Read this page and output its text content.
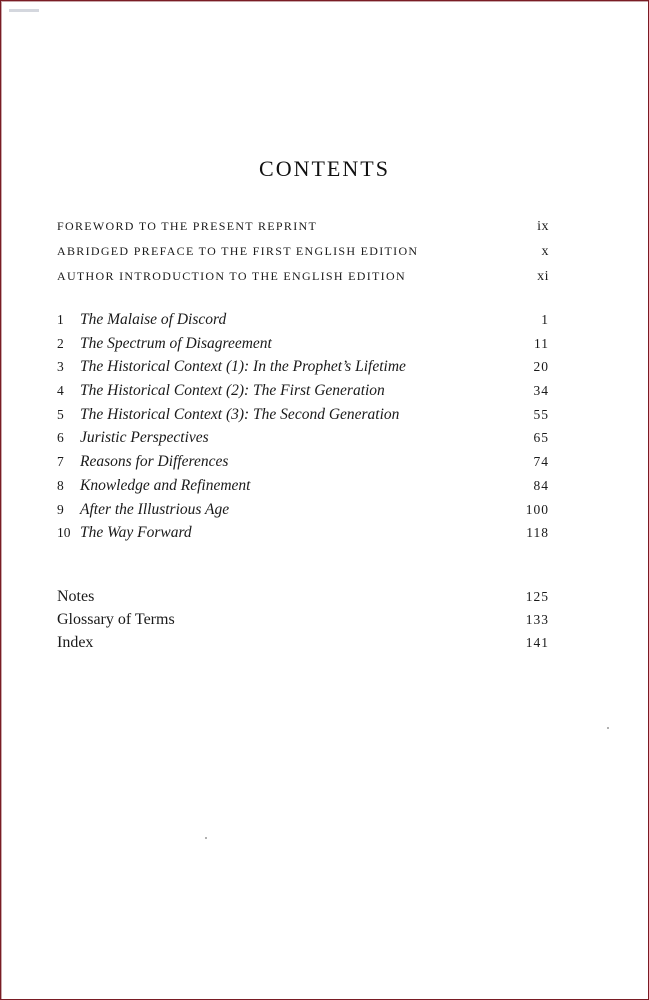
CONTENTS
FOREWORD TO THE PRESENT REPRINT	ix
ABRIDGED PREFACE TO THE FIRST ENGLISH EDITION	x
AUTHOR INTRODUCTION TO THE ENGLISH EDITION	xi
1	The Malaise of Discord	1
2	The Spectrum of Disagreement	11
3	The Historical Context (1): In the Prophet’s Lifetime	20
4	The Historical Context (2): The First Generation	34
5	The Historical Context (3): The Second Generation	55
6	Juristic Perspectives	65
7	Reasons for Differences	74
8	Knowledge and Refinement	84
9	After the Illustrious Age	100
10 The Way Forward	118
Notes	125
Glossary of Terms	133
Index	141
